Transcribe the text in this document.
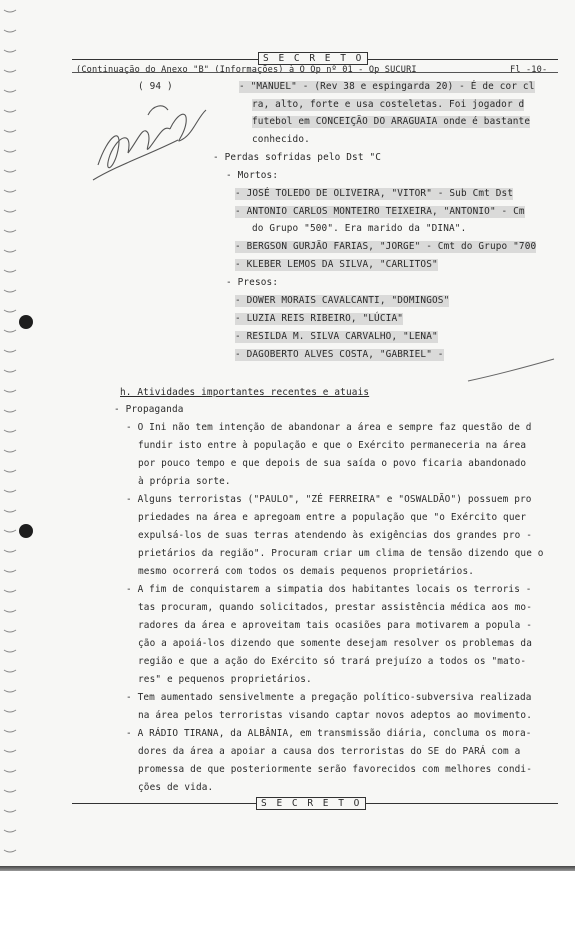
S E C R E T O
(Continuação do Anexo "B" (Informações) à O Op nº 01 - Op SUCURI	Fl -10-
( 94 )	- "MANUEL" - (Rev 38 e espingarda 20) - É de cor cl
ra, alto, forte e usa costeletas. Foi jogador d
futebol em CONCEIÇÃO DO ARAGUAIA onde é bastante
conhecido.
- Perdas sofridas pelo Dst "C
- Mortos:
- JOSÉ TOLEDO DE OLIVEIRA, "VITOR" - Sub Cmt Dst
- ANTONIO CARLOS MONTEIRO TEIXEIRA, "ANTONIO" - Cm
do Grupo "500". Era marido da "DINA".
- BERGSON GURJÃO FARIAS, "JORGE" - Cmt do Grupo "700
- KLEBER LEMOS DA SILVA, "CARLITOS"
- Presos:
- DOWER MORAIS CAVALCANTI, "DOMINGOS"
- LUZIA REIS RIBEIRO, "LÚCIA"
- RESILDA M. SILVA CARVALHO, "LENA"
- DAGOBERTO ALVES COSTA, "GABRIEL" -
h. Atividades importantes recentes e atuais
- Propaganda
- O Ini não tem intenção de abandonar a área e sempre faz questão de d
fundir isto entre à população e que o Exército permaneceria na área
por pouco tempo e que depois de sua saída o povo ficaria abandonado
à própria sorte.
- Alguns terroristas ("PAULO", "ZÉ FERREIRA" e "OSWALDÃO") possuem pro
priedades na área e apregoam entre a população que "o Exército quer
expulsá-los de suas terras atendendo às exigências dos grandes pro -
prietários da região". Procuram criar um clima de tensão dizendo que o
mesmo ocorrerá com todos os demais pequenos proprietários.
- A fim de conquistarem a simpatia dos habitantes locais os terroris -
tas procuram, quando solicitados, prestar assistência médica aos mo-
radores da área e aproveitam tais ocasiões para motivarem a popula -
ção a apoiá-los dizendo que somente desejam resolver os problemas da
região e que a ação do Exército só trará prejuízo a todos os "mato-
res" e pequenos proprietários.
- Tem aumentado sensivelmente a pregação político-subversiva realizada
na área pelos terroristas visando captar novos adeptos ao movimento.
- A RÁDIO TIRANA, da ALBÂNIA, em transmissão diária, concluma os mora-
dores da área a apoiar a causa dos terroristas do SE do PARÁ com a
promessa de que posteriormente serão favorecidos com melhores condi-
ções de vida.
S E C R E T O
